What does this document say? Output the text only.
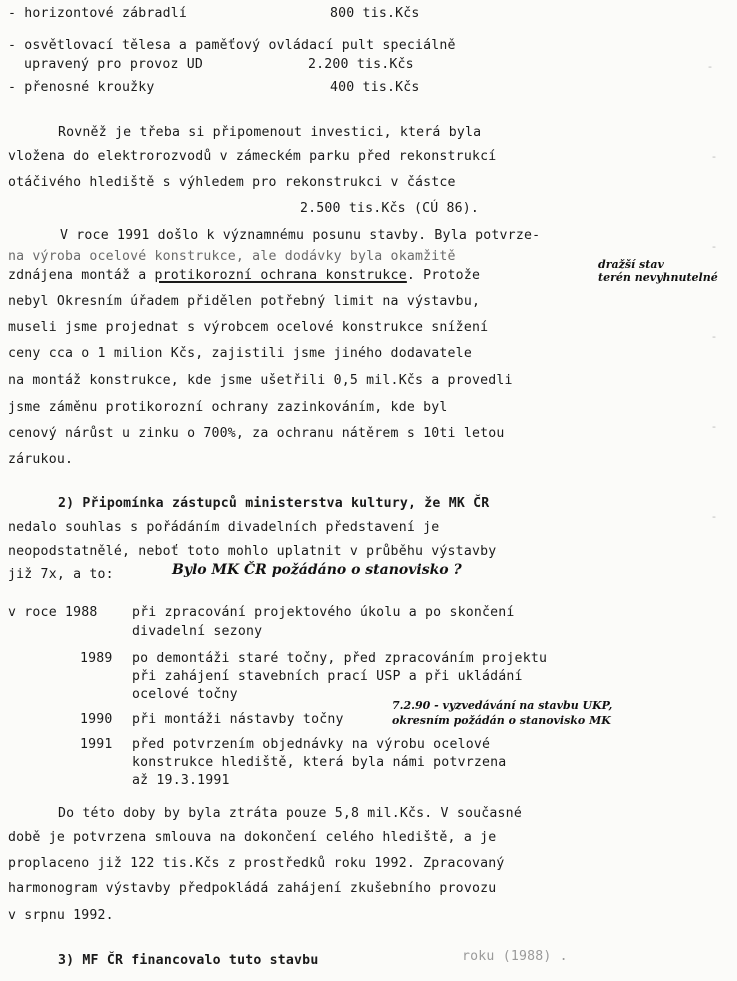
- horizontové zábradlí	800 tis.Kčs
- osvětlovací tělesa a paměťový ovládací pult speciálně
upravený pro provoz UD	2.200 tis.Kčs
- přenosné kroužky	400 tis.Kčs
Rovněž je třeba si připomenout investici, která byla
vložena do elektrorozvodů v zámeckém parku před rekonstrukcí
otáčivého hlediště s výhledem pro rekonstrukci v částce
2.500 tis.Kčs (CÚ 86).
V roce 1991 došlo k významnému posunu stavby. Byla potvrze-
na výroba ocelové konstrukce, ale dodávky byla okamžitě
zdnájena montáž a protikorozní ochrana konstrukce. Protože
dražší stav
terén nevyhnutelné
nebyl Okresním úřadem přidělen potřebný limit na výstavbu,
museli jsme projednat s výrobcem ocelové konstrukce snížení
ceny cca o 1 milion Kčs, zajistili jsme jiného dodavatele
na montáž konstrukce, kde jsme ušetřili 0,5 mil.Kčs a provedli
jsme záměnu protikorozní ochrany zazinkováním, kde byl
cenový nárůst u zinku o 700%, za ochranu nátěrem s 10ti letou
zárukou.
2) Připomínka zástupců ministerstva kultury, že MK ČR
nedalo souhlas s pořádáním divadelních představení je
neopodstatnělé, neboť toto mohlo uplatnit v průběhu výstavby
již 7x, a to:	Bylo MK ČR požádáno o stanovisko ?
v roce 1988	při zpracování projektového úkolu a po skončení
divadelní sezony
1989 po demontáži staré točny, před zpracováním projektu
při zahájení stavebních prací USP a při ukládání
ocelové točny
1990 při montáži nástavby točny
7.2.90 - vyzvedávání na stavbu UKP,
okresním požádán o stanovisko MK
1991 před potvrzením objednávky na výrobu ocelové
konstrukce hlediště, která byla námi potvrzena
až 19.3.1991
Do této doby by byla ztráta pouze 5,8 mil.Kčs. V současné
době je potvrzena smlouva na dokončení celého hlediště, a je
proplaceno již 122 tis.Kčs z prostředků roku 1992. Zpracovaný
harmonogram výstavby předpokládá zahájení zkušebního provozu
v srpnu 1992.
3) MF ČR financovalo tuto stavbu	roku (1988) .
-
-
-
-
-
-
